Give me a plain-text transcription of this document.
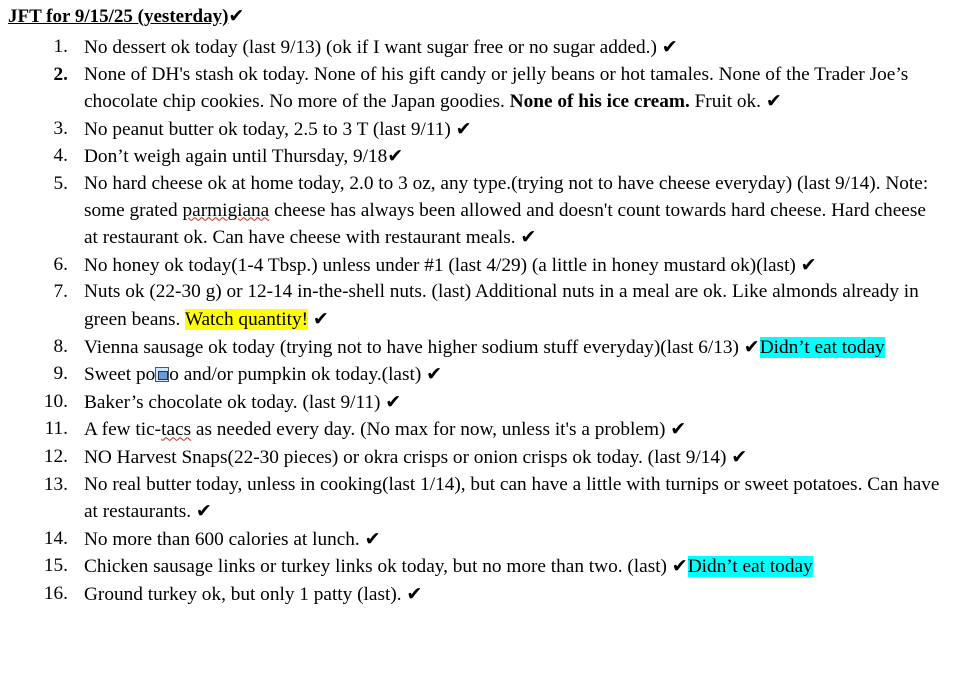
JFT for 9/15/25 (yesterday)✔
1. No dessert ok today (last 9/13) (ok if I want sugar free or no sugar added.) ✔
2. None of DH's stash ok today. None of his gift candy or jelly beans or hot tamales. None of the Trader Joe’s chocolate chip cookies. No more of the Japan goodies. None of his ice cream. Fruit ok. ✔
3. No peanut butter ok today, 2.5 to 3 T (last 9/11) ✔
4. Don’t weigh again until Thursday, 9/18✔
5. No hard cheese ok at home today, 2.0 to 3 oz, any type.(trying not to have cheese everyday) (last 9/14). Note: some grated parmigiana cheese has always been allowed and doesn't count towards hard cheese. Hard cheese at restaurant ok. Can have cheese with restaurant meals. ✔
6. No honey ok today(1-4 Tbsp.) unless under #1 (last 4/29) (a little in honey mustard ok)(last) ✔
7. Nuts ok (22-30 g) or 12-14 in-the-shell nuts. (last) Additional nuts in a meal are ok. Like almonds already in green beans. Watch quantity! ✔
8. Vienna sausage ok today (trying not to have higher sodium stuff everyday)(last 6/13) ✔Didn’t eat today
9. Sweet po o and/or pumpkin ok today.(last) ✔
10. Baker’s chocolate ok today. (last 9/11) ✔
11. A few tic-tacs as needed every day. (No max for now, unless it's a problem) ✔
12. NO Harvest Snaps(22-30 pieces) or okra crisps or onion crisps ok today. (last 9/14) ✔
13. No real butter today, unless in cooking(last 1/14), but can have a little with turnips or sweet potatoes. Can have at restaurants. ✔
14. No more than 600 calories at lunch. ✔
15. Chicken sausage links or turkey links ok today, but no more than two. (last) ✔Didn’t eat today
16. Ground turkey ok, but only 1 patty (last). ✔
